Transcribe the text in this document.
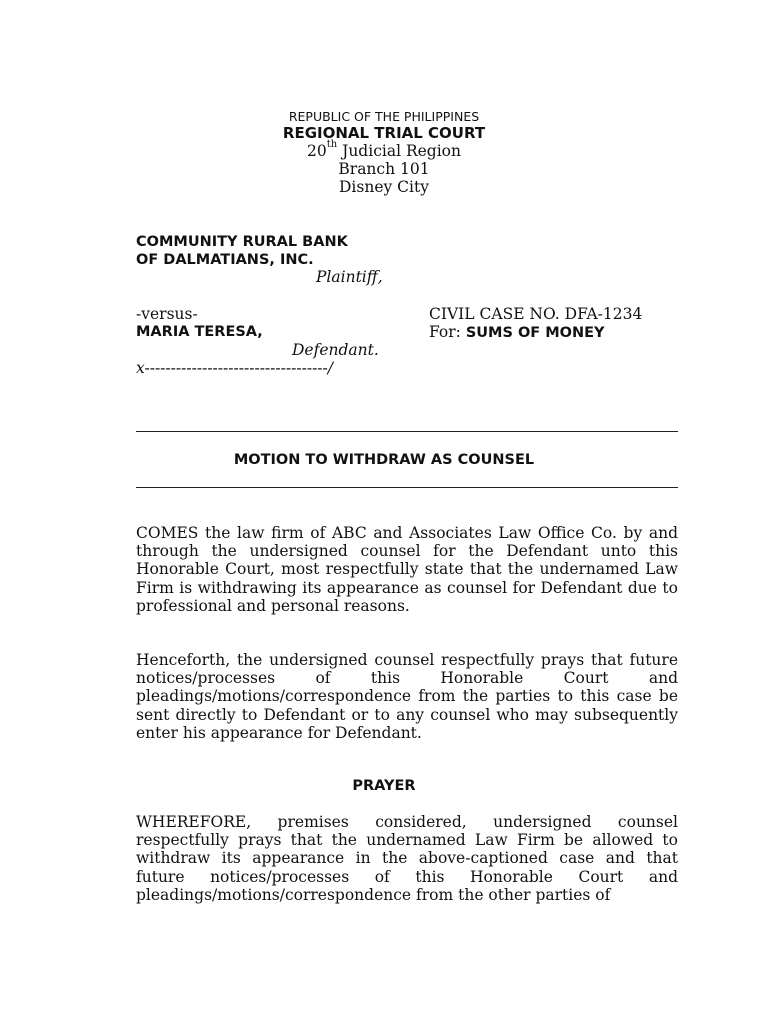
REPUBLIC OF THE PHILIPPINES
REGIONAL TRIAL COURT
20th Judicial Region
Branch 101
Disney City
COMMUNITY RURAL BANK
OF DALMATIANS, INC.
Plaintiff,
-versus-
MARIA TERESA,
Defendant.
x-----------------------------------/
CIVIL CASE NO. DFA-1234
For: SUMS OF MONEY
MOTION TO WITHDRAW AS COUNSEL
COMES the law firm of ABC and Associates Law Office Co. by and through the undersigned counsel for the Defendant unto this Honorable Court, most respectfully state that the undernamed Law Firm is withdrawing its appearance as counsel for Defendant due to professional and personal reasons.
Henceforth, the undersigned counsel respectfully prays that future notices/processes of this Honorable Court and pleadings/motions/correspondence from the parties to this case be sent directly to Defendant or to any counsel who may subsequently enter his appearance for Defendant.
PRAYER
WHEREFORE, premises considered, undersigned counsel respectfully prays that the undernamed Law Firm be allowed to withdraw its appearance in the above-captioned case and that future notices/processes of this Honorable Court and pleadings/motions/correspondence from the other parties of
